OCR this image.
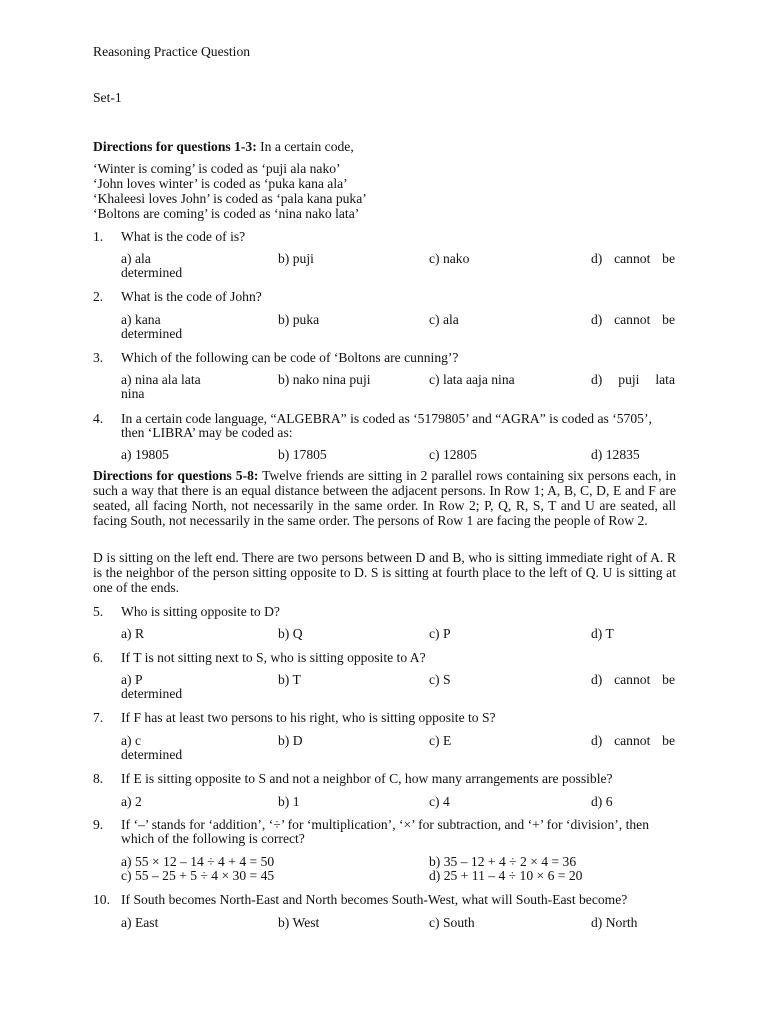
Reasoning Practice Question
Set-1
Directions for questions 1-3: In a certain code,
‘Winter is coming’ is coded as ‘puji ala nako’
‘John loves winter’ is coded as ‘puka kana ala’
‘Khaleesi loves John’ is coded as ‘pala kana puka’
‘Boltons are coming’ is coded as ‘nina nako lata’
1. What is the code of is?
a) ala	b) puji	c) nako	d) cannot be
determined
2. What is the code of John?
a) kana	b) puka	c) ala	d) cannot be
determined
3. Which of the following can be code of ‘Boltons are cunning’?
a) nina ala lata	b) nako nina puji	c) lata aaja nina	d) puji lata
nina
4. In a certain code language, “ALGEBRA” is coded as ‘5179805’ and “AGRA” is coded as ‘5705’,
then ‘LIBRA’ may be coded as:
a) 19805	b) 17805	c) 12805	d) 12835
Directions for questions 5-8: Twelve friends are sitting in 2 parallel rows containing six persons each, in such a way that there is an equal distance between the adjacent persons. In Row 1; A, B, C, D, E and F are seated, all facing North, not necessarily in the same order. In Row 2; P, Q, R, S, T and U are seated, all facing South, not necessarily in the same order. The persons of Row 1 are facing the people of Row 2.
D is sitting on the left end. There are two persons between D and B, who is sitting immediate right of A. R is the neighbor of the person sitting opposite to D. S is sitting at fourth place to the left of Q. U is sitting at one of the ends.
5. Who is sitting opposite to D?
a) R	b) Q	c) P	d) T
6. If T is not sitting next to S, who is sitting opposite to A?
a) P	b) T	c) S	d) cannot be
determined
7. If F has at least two persons to his right, who is sitting opposite to S?
a) c	b) D	c) E	d) cannot be
determined
8. If E is sitting opposite to S and not a neighbor of C, how many arrangements are possible?
a) 2	b) 1	c) 4	d) 6
9. If ‘–’ stands for ‘addition’, ‘÷’ for ‘multiplication’, ‘×’ for subtraction, and ‘+’ for ‘division’, then
which of the following is correct?
a) 55 × 12 – 14 ÷ 4 + 4 = 50	b) 35 – 12 + 4 ÷ 2 × 4 = 36
c) 55 – 25 + 5 ÷ 4 × 30 = 45	d) 25 + 11 – 4 ÷ 10 × 6 = 20
10. If South becomes North-East and North becomes South-West, what will South-East become?
a) East	b) West	c) South	d) North
